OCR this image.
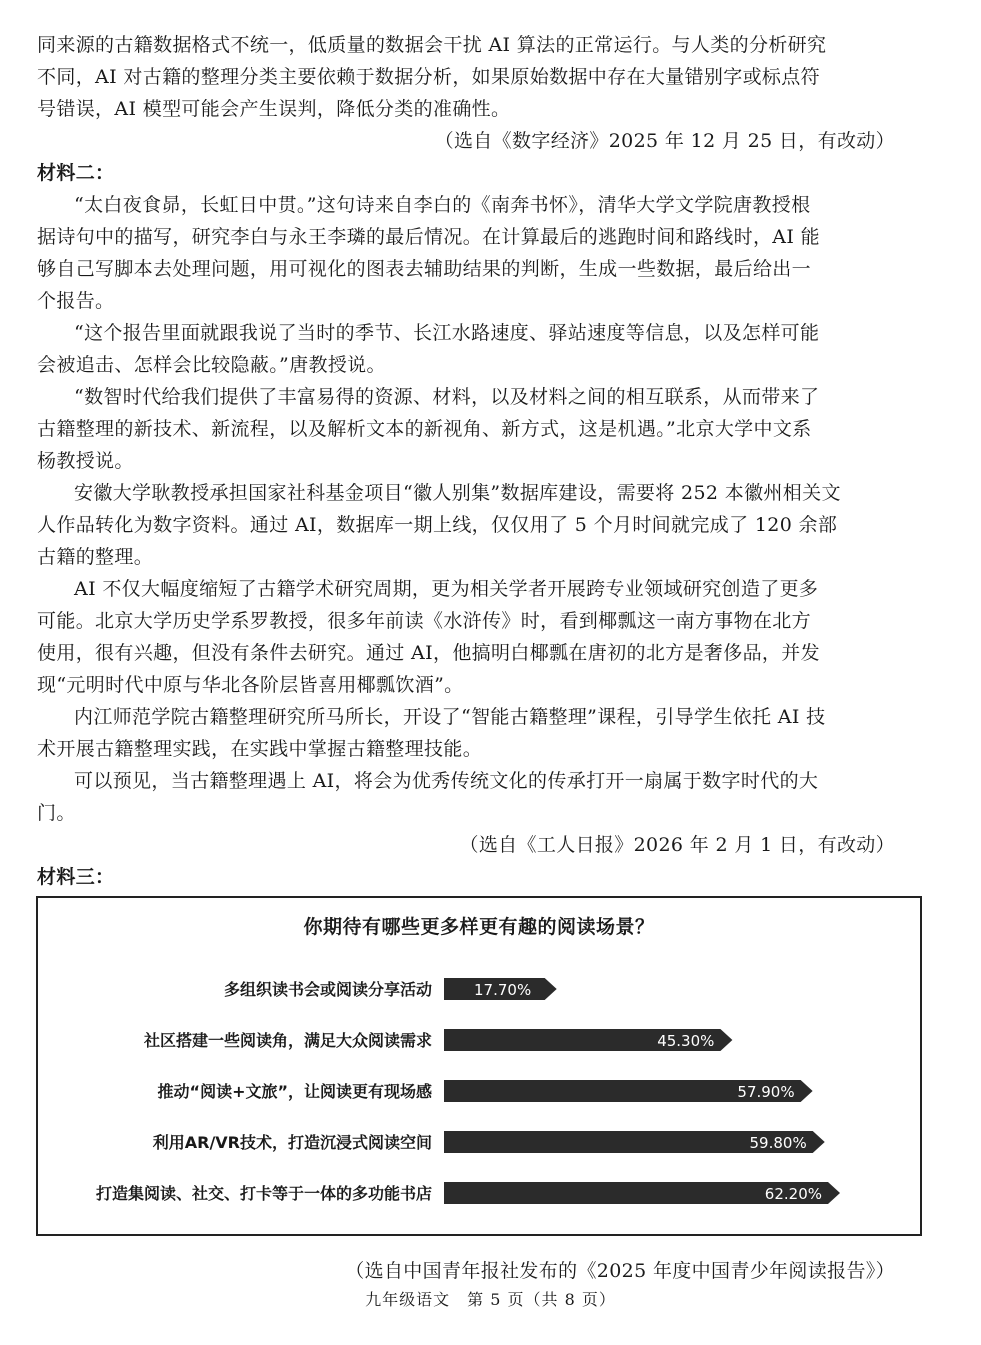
同来源的古籍数据格式不统一，低质量的数据会干扰 AI 算法的正常运行。与人类的分析研究
不同，AI 对古籍的整理分类主要依赖于数据分析，如果原始数据中存在大量错别字或标点符
号错误，AI 模型可能会产生误判，降低分类的准确性。
（选自《数字经济》2025 年 12 月 25 日，有改动）
材料二：
“太白夜食昴，长虹日中贯。”这句诗来自李白的《南奔书怀》，清华大学文学院唐教授根
据诗句中的描写，研究李白与永王李璘的最后情况。在计算最后的逃跑时间和路线时，AI 能
够自己写脚本去处理问题，用可视化的图表去辅助结果的判断，生成一些数据，最后给出一
个报告。
“这个报告里面就跟我说了当时的季节、长江水路速度、驿站速度等信息，以及怎样可能
会被追击、怎样会比较隐蔽。”唐教授说。
“数智时代给我们提供了丰富易得的资源、材料，以及材料之间的相互联系，从而带来了
古籍整理的新技术、新流程，以及解析文本的新视角、新方式，这是机遇。”北京大学中文系
杨教授说。
安徽大学耿教授承担国家社科基金项目“徽人别集”数据库建设，需要将 252 本徽州相关文
人作品转化为数字资料。通过 AI，数据库一期上线，仅仅用了 5 个月时间就完成了 120 余部
古籍的整理。
AI 不仅大幅度缩短了古籍学术研究周期，更为相关学者开展跨专业领域研究创造了更多
可能。北京大学历史学系罗教授，很多年前读《水浒传》时，看到椰瓢这一南方事物在北方
使用，很有兴趣，但没有条件去研究。通过 AI，他搞明白椰瓢在唐初的北方是奢侈品，并发
现“元明时代中原与华北各阶层皆喜用椰瓢饮酒”。
内江师范学院古籍整理研究所马所长，开设了“智能古籍整理”课程，引导学生依托 AI 技
术开展古籍整理实践，在实践中掌握古籍整理技能。
可以预见，当古籍整理遇上 AI，将会为优秀传统文化的传承打开一扇属于数字时代的大
门。
（选自《工人日报》2026 年 2 月 1 日，有改动）
材料三：
你期待有哪些更多样更有趣的阅读场景？
多组织读书会或阅读分享活动	17.70%
社区搭建一些阅读角，满足大众阅读需求	45.30%
推动“阅读+文旅”，让阅读更有现场感	57.90%
利用AR/VR技术，打造沉浸式阅读空间	59.80%
打造集阅读、社交、打卡等于一体的多功能书店	62.20%
（选自中国青年报社发布的《2025 年度中国青少年阅读报告》）
九年级语文　第 5 页（共 8 页）
